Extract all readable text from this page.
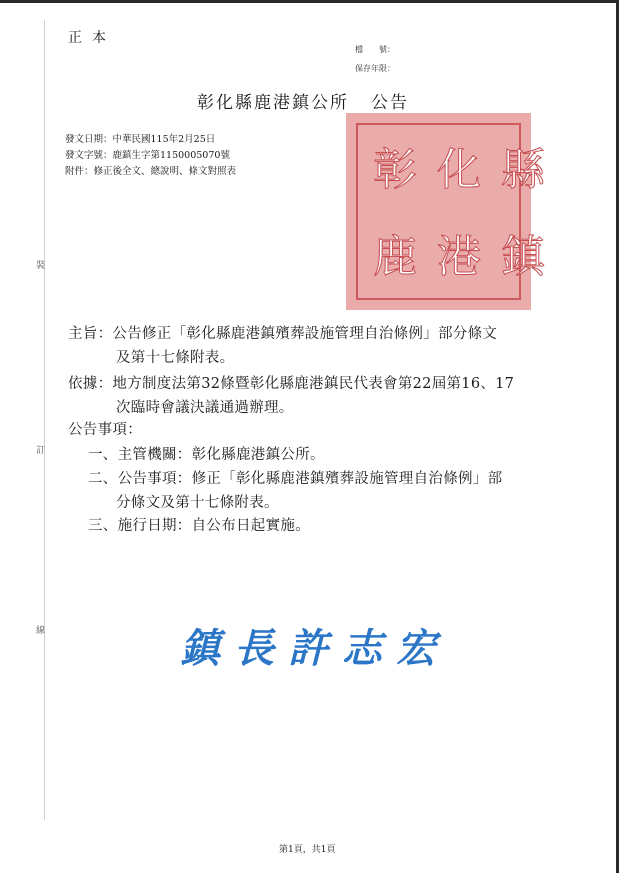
裝
訂
線
正本
檔　　號：
保存年限：
彰化縣鹿港鎮公所 公告
發文日期：中華民國115年2月25日
發文字號：鹿鎮生字第1150005070號
附件：修正後全文、總說明、條文對照表	彰 化 縣
鹿 港 鎮
主旨：公告修正「彰化縣鹿港鎮殯葬設施管理自治條例」部分條文
及第十七條附表。
依據：地方制度法第32條暨彰化縣鹿港鎮民代表會第22屆第16、17
次臨時會議決議通過辦理。
公告事項：
一、主管機關：彰化縣鹿港鎮公所。
二、公告事項：修正「彰化縣鹿港鎮殯葬設施管理自治條例」部
分條文及第十七條附表。
三、施行日期：自公布日起實施。
鎮長許志宏
第1頁，共1頁
